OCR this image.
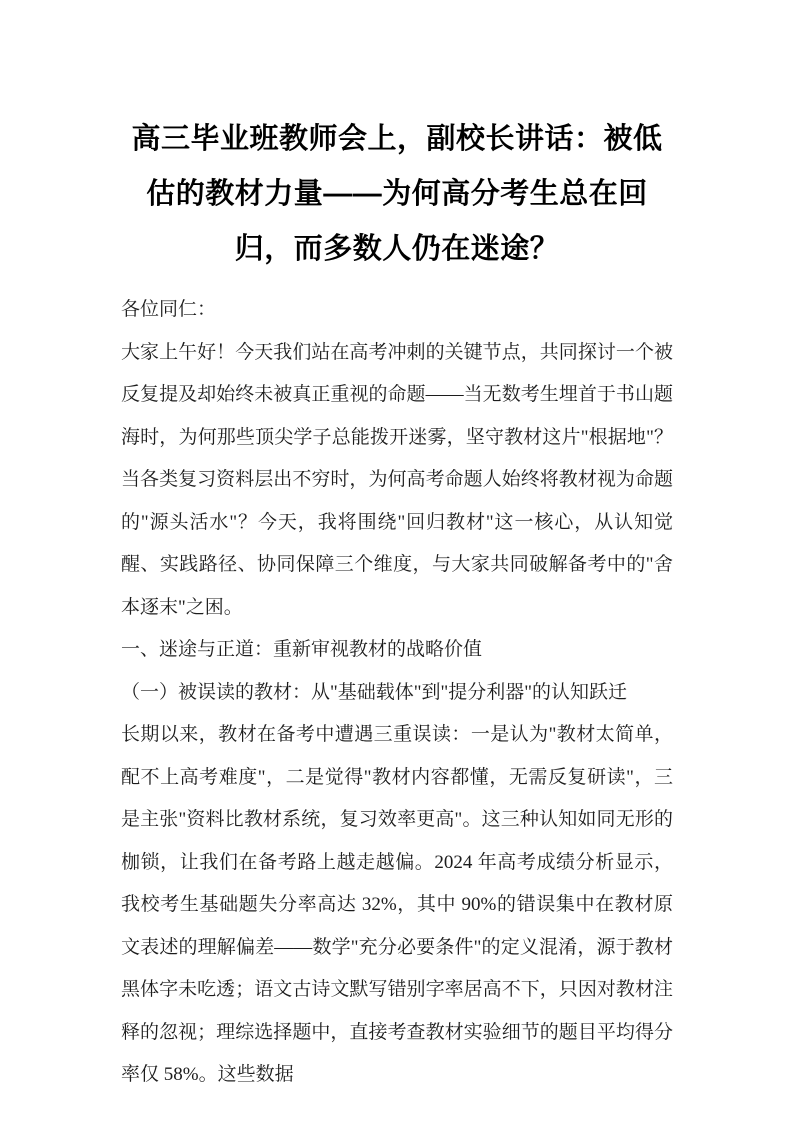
高三毕业班教师会上，副校长讲话：被低估的教材力量——为何高分考生总在回归，而多数人仍在迷途？

各位同仁：

大家上午好！今天我们站在高考冲刺的关键节点，共同探讨一个被反复提及却始终未被真正重视的命题——当无数考生埋首于书山题海时，为何那些顶尖学子总能拨开迷雾，坚守教材这片"根据地"？当各类复习资料层出不穷时，为何高考命题人始终将教材视为命题的"源头活水"？今天，我将围绕"回归教材"这一核心，从认知觉醒、实践路径、协同保障三个维度，与大家共同破解备考中的"舍本逐末"之困。

一、迷途与正道：重新审视教材的战略价值

（一）被误读的教材：从"基础载体"到"提分利器"的认知跃迁

长期以来，教材在备考中遭遇三重误读：一是认为"教材太简单，配不上高考难度"，二是觉得"教材内容都懂，无需反复研读"，三是主张"资料比教材系统，复习效率更高"。这三种认知如同无形的枷锁，让我们在备考路上越走越偏。2024 年高考成绩分析显示，我校考生基础题失分率高达 32%，其中 90%的错误集中在教材原文表述的理解偏差——数学"充分必要条件"的定义混淆，源于教材黑体字未吃透；语文古诗文默写错别字率居高不下，只因对教材注释的忽视；理综选择题中，直接考查教材实验细节的题目平均得分率仅 58%。这些数据
